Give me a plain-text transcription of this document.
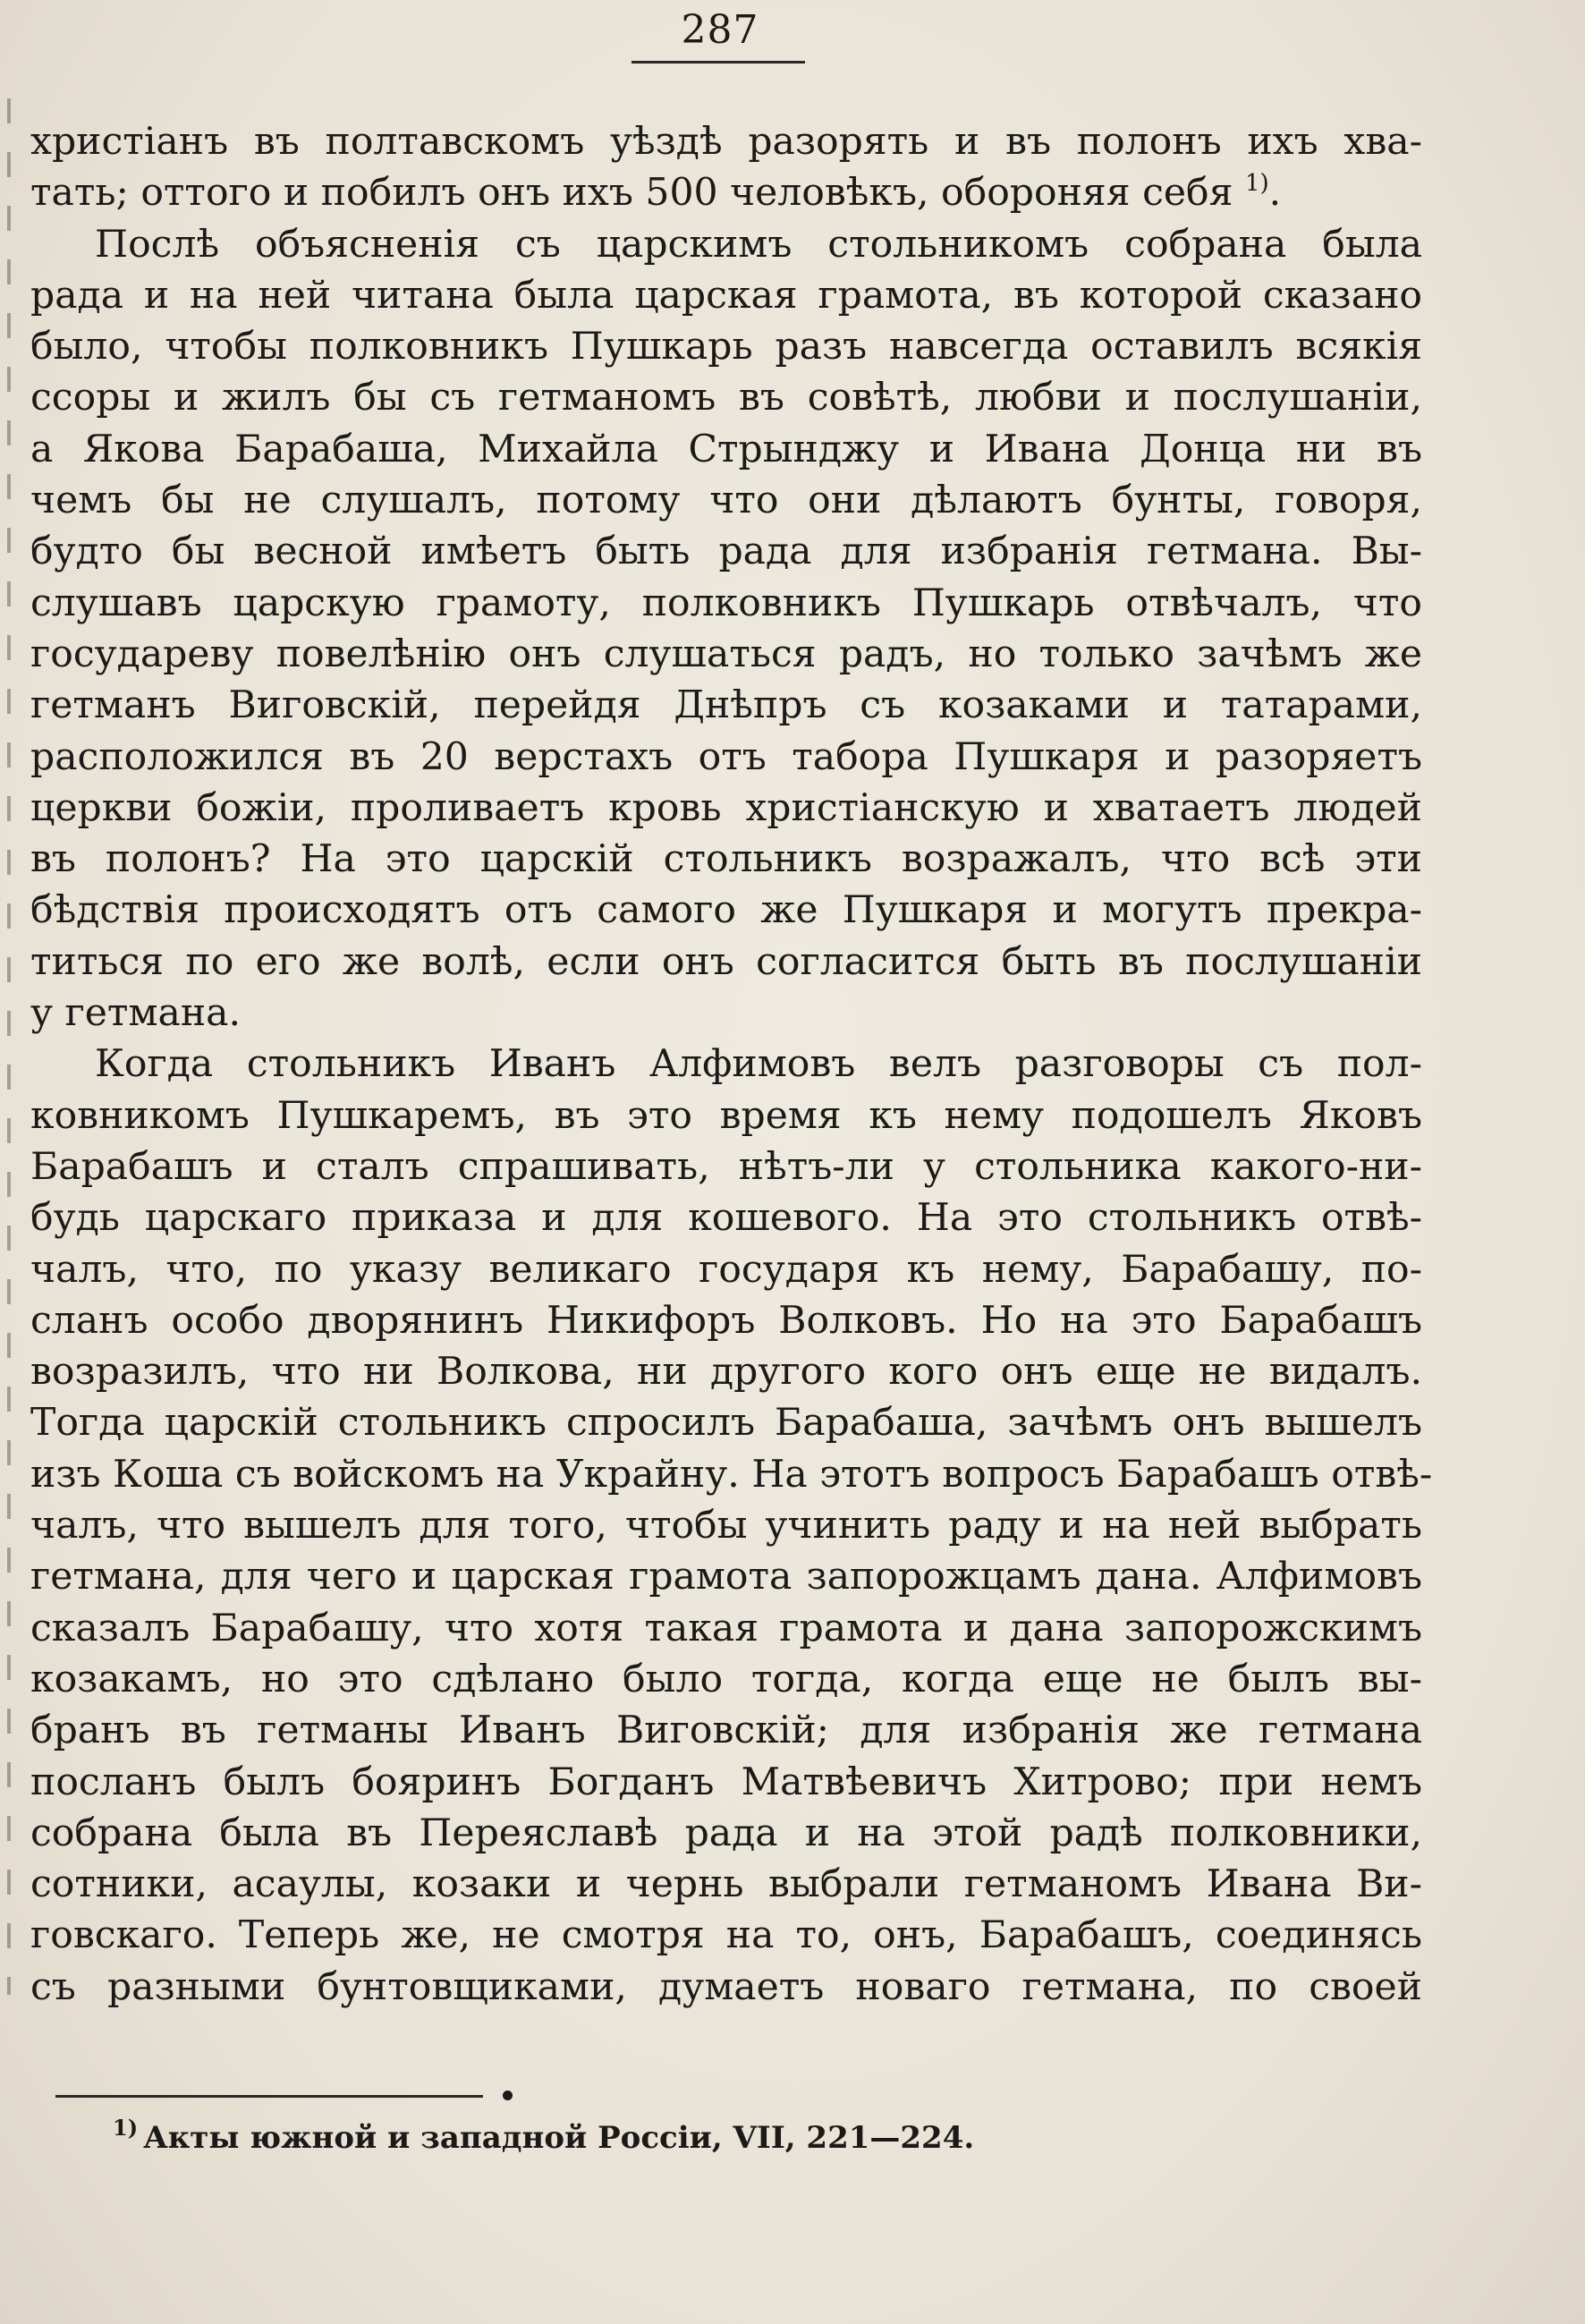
287
христіанъ въ полтавскомъ уѣздѣ разорять и въ полонъ ихъ хва-
тать; оттого и побилъ онъ ихъ 500 человѣкъ, обороняя себя $^{1)}$.
Послѣ объясненія съ царскимъ стольникомъ собрана была
рада и на ней читана была царская грамота, въ которой сказано
было, чтобы полковникъ Пушкарь разъ навсегда оставилъ всякія
ссоры и жилъ бы съ гетманомъ въ совѣтѣ, любви и послушаніи,
а Якова Барабаша, Михайла Стрынджу и Ивана Донца ни въ
чемъ бы не слушалъ, потому что они дѣлаютъ бунты, говоря,
будто бы весной имѣетъ быть рада для избранія гетмана. Вы-
слушавъ царскую грамоту, полковникъ Пушкарь отвѣчалъ, что
государеву повелѣнію онъ слушаться радъ, но только зачѣмъ же
гетманъ Виговскій, перейдя Днѣпръ съ козаками и татарами,
расположился въ 20 верстахъ отъ табора Пушкаря и разоряетъ
церкви божіи, проливаетъ кровь христіанскую и хватаетъ людей
въ полонъ? На это царскій стольникъ возражалъ, что всѣ эти
бѣдствія происходятъ отъ самого же Пушкаря и могутъ прекра-
титься по его же волѣ, если онъ согласится быть въ послушаніи
у гетмана.
Когда стольникъ Иванъ Алфимовъ велъ разговоры съ пол-
ковникомъ Пушкаремъ, въ это время къ нему подошелъ Яковъ
Барабашъ и сталъ спрашивать, нѣтъ-ли у стольника какого-ни-
будь царскаго приказа и для кошевого. На это стольникъ отвѣ-
чалъ, что, по указу великаго государя къ нему, Барабашу, по-
сланъ особо дворянинъ Никифоръ Волковъ. Но на это Барабашъ
возразилъ, что ни Волкова, ни другого кого онъ еще не видалъ.
Тогда царскій стольникъ спросилъ Барабаша, зачѣмъ онъ вышелъ
изъ Коша съ войскомъ на Украйну. На этотъ вопросъ Барабашъ отвѣ-
чалъ, что вышелъ для того, чтобы учинить раду и на ней выбрать
гетмана, для чего и царская грамота запорожцамъ дана. Алфимовъ
сказалъ Барабашу, что хотя такая грамота и дана запорожскимъ
козакамъ, но это сдѣлано было тогда, когда еще не былъ вы-
бранъ въ гетманы Иванъ Виговскій; для избранія же гетмана
посланъ былъ бояринъ Богданъ Матвѣевичъ Хитрово; при немъ
собрана была въ Переяславѣ рада и на этой радѣ полковники,
сотники, асаулы, козаки и чернь выбрали гетманомъ Ивана Ви-
говскаго. Теперь же, не смотря на то, онъ, Барабашъ, соединясь
съ разными бунтовщиками, думаетъ новаго гетмана, по своей
$^{1)}$ Акты южной и западной Россіи, VII, 221—224.
